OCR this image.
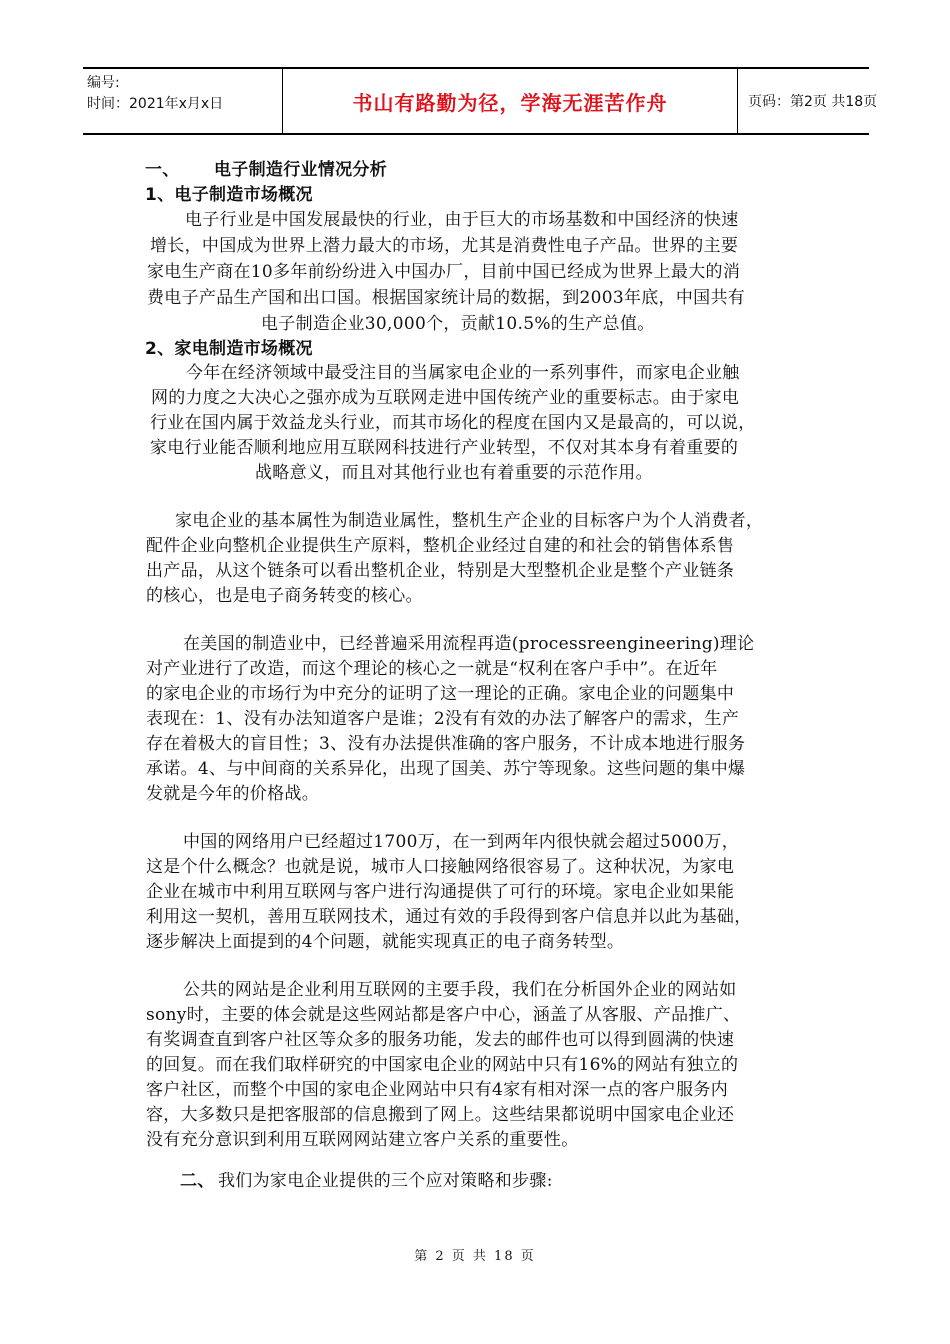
编号:
时间：2021年x月x日	书山有路勤为径，学海无涯苦作舟	页码：第2页 共18页
一、 电子制造行业情况分析
1、电子制造市场概况
电子行业是中国发展最快的行业，由于巨大的市场基数和中国经济的快速
增长，中国成为世界上潜力最大的市场，尤其是消费性电子产品。世界的主要
家电生产商在10多年前纷纷进入中国办厂，目前中国已经成为世界上最大的消
费电子产品生产国和出口国。根据国家统计局的数据，到2003年底，中国共有
电子制造企业30,000个，贡献10.5%的生产总值。
2、家电制造市场概况
今年在经济领域中最受注目的当属家电企业的一系列事件，而家电企业触
网的力度之大决心之强亦成为互联网走进中国传统产业的重要标志。由于家电
行业在国内属于效益龙头行业，而其市场化的程度在国内又是最高的，可以说，
家电行业能否顺利地应用互联网科技进行产业转型，不仅对其本身有着重要的
战略意义，而且对其他行业也有着重要的示范作用。
家电企业的基本属性为制造业属性，整机生产企业的目标客户为个人消费者，
配件企业向整机企业提供生产原料，整机企业经过自建的和社会的销售体系售
出产品，从这个链条可以看出整机企业，特别是大型整机企业是整个产业链条
的核心，也是电子商务转变的核心。
在美国的制造业中，已经普遍采用流程再造(processreengineering)理论
对产业进行了改造，而这个理论的核心之一就是“权利在客户手中”。在近年
的家电企业的市场行为中充分的证明了这一理论的正确。家电企业的问题集中
表现在：1、没有办法知道客户是谁；2没有有效的办法了解客户的需求，生产
存在着极大的盲目性；3、没有办法提供准确的客户服务，不计成本地进行服务
承诺。4、与中间商的关系异化，出现了国美、苏宁等现象。这些问题的集中爆
发就是今年的价格战。
中国的网络用户已经超过1700万，在一到两年内很快就会超过5000万，
这是个什么概念？也就是说，城市人口接触网络很容易了。这种状况，为家电
企业在城市中利用互联网与客户进行沟通提供了可行的环境。家电企业如果能
利用这一契机，善用互联网技术，通过有效的手段得到客户信息并以此为基础，
逐步解决上面提到的4个问题，就能实现真正的电子商务转型。
公共的网站是企业利用互联网的主要手段，我们在分析国外企业的网站如
sony时，主要的体会就是这些网站都是客户中心，涵盖了从客服、产品推广、
有奖调查直到客户社区等众多的服务功能，发去的邮件也可以得到圆满的快速
的回复。而在我们取样研究的中国家电企业的网站中只有16%的网站有独立的
客户社区，而整个中国的家电企业网站中只有4家有相对深一点的客户服务内
容，大多数只是把客服部的信息搬到了网上。这些结果都说明中国家电企业还
没有充分意识到利用互联网网站建立客户关系的重要性。
二、 我们为家电企业提供的三个应对策略和步骤:
第 2 页 共 18 页
